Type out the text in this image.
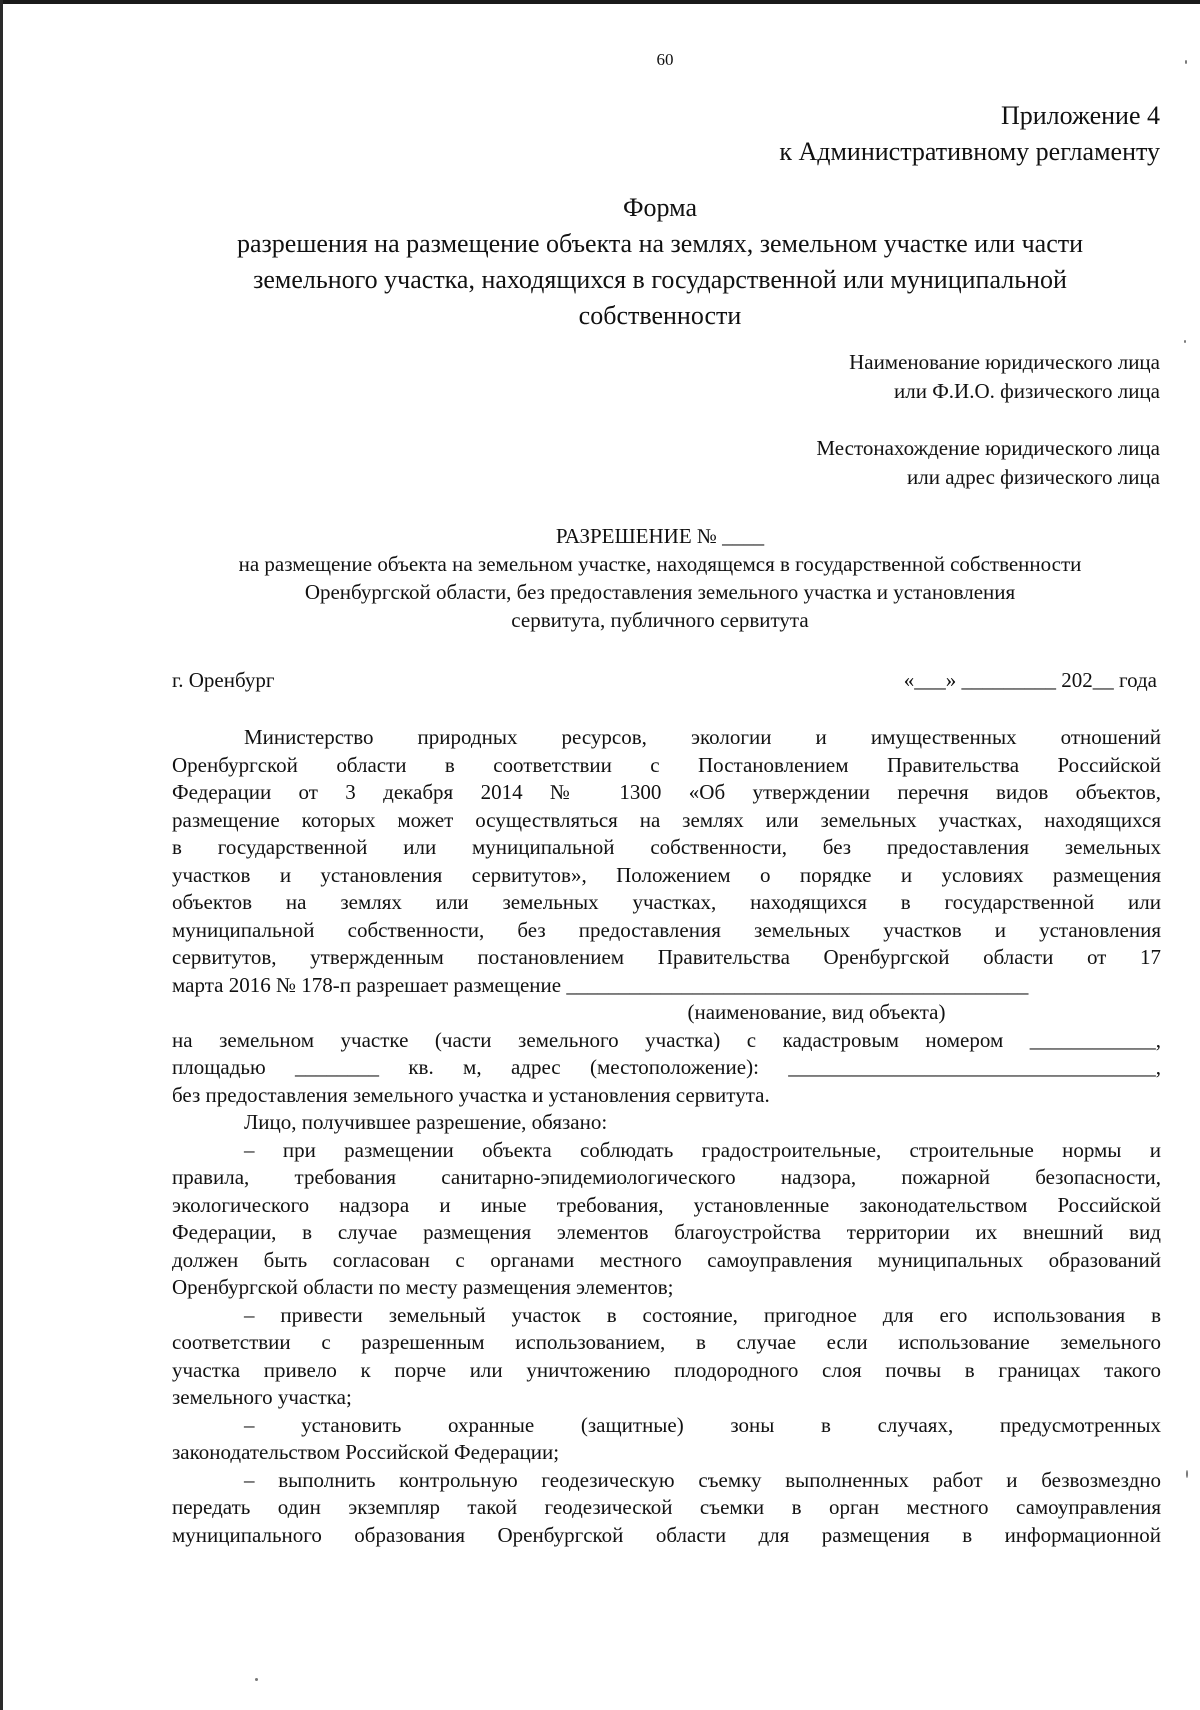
60
Приложение 4
к Административному регламенту
Форма
разрешения на размещение объекта на землях, земельном участке или части
земельного участка, находящихся в государственной или муниципальной
собственности
Наименование юридического лица
или Ф.И.О. физического лица
Местонахождение юридического лица
или адрес физического лица
РАЗРЕШЕНИЕ № ____
на размещение объекта на земельном участке, находящемся в государственной собственности
Оренбургской области, без предоставления земельного участка и установления
сервитута, публичного сервитута
г. Оренбург	«___» _________ 202__ года

Министерство природных ресурсов, экологии и имущественных отношений

Оренбургской области в соответствии с Постановлением Правительства Российской

Федерации от 3 декабря 2014 № 1300 «Об утверждении перечня видов объектов,

размещение которых может осуществляться на землях или земельных участках, находящихся

в государственной или муниципальной собственности, без предоставления земельных

участков и установления сервитутов», Положением о порядке и условиях размещения

объектов на землях или земельных участках, находящихся в государственной или

муниципальной собственности, без предоставления земельных участков и установления

сервитутов, утвержденным постановлением Правительства Оренбургской области от 17

марта 2016 № 178-п разрешает размещение ____________________________________________

(наименование, вид объекта)

на земельном участке (части земельного участка) с кадастровым номером ____________,

площадью ________ кв. м, адрес (местоположение): ___________________________________,

без предоставления земельного участка и установления сервитута.

Лицо, получившее разрешение, обязано:

– при размещении объекта соблюдать градостроительные, строительные нормы и

правила, требования санитарно-эпидемиологического надзора, пожарной безопасности,

экологического надзора и иные требования, установленные законодательством Российской

Федерации, в случае размещения элементов благоустройства территории их внешний вид

должен быть согласован с органами местного самоуправления муниципальных образований

Оренбургской области по месту размещения элементов;

– привести земельный участок в состояние, пригодное для его использования в

соответствии с разрешенным использованием, в случае если использование земельного

участка привело к порче или уничтожению плодородного слоя почвы в границах такого

земельного участка;

– установить охранные (защитные) зоны в случаях, предусмотренных

законодательством Российской Федерации;

– выполнить контрольную геодезическую съемку выполненных работ и безвозмездно

передать один экземпляр такой геодезической съемки в орган местного самоуправления

муниципального образования Оренбургской области для размещения в информационной
